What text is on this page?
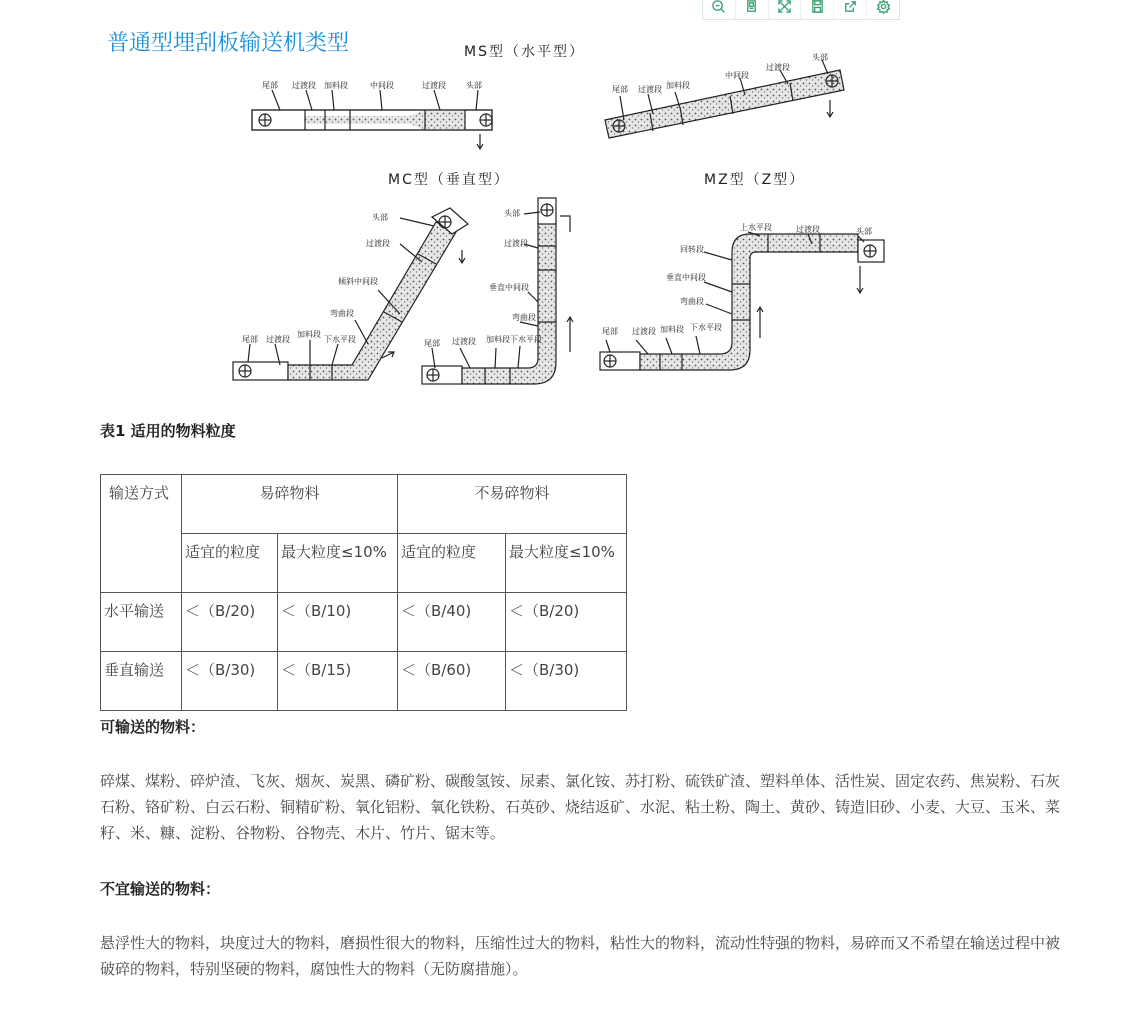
尾部 过渡段 加料段	中间段	过渡段	头部
MS型（水平型）
尾部 过渡段 加料段
中间段
过渡段
头部
MC型（垂直型）	MZ型（Z型）
头部
过渡段
倾斜中间段
弯曲段
尾部 过渡段
加料段
下水平段
头部
过渡段
垂直中间段
弯曲段
尾部 过渡段 加料段 下水平段
上水平段	过渡段	头部
回转段
垂直中间段
弯曲段
尾部 过渡段 加料段 下水平段
普通型埋刮板输送机类型
表1 适用的物料粒度
输送方式	易碎物料		不易碎物料	

	适宜的粒度	最大粒度≤10%	适宜的粒度	最大粒度≤10%

水平输送	＜（B/20)	＜（B/10)	＜（B/40)	＜（B/20)

垂直输送	＜（B/30)	＜（B/15)	＜（B/60)	＜（B/30)
可输送的物料：
碎煤、煤粉、碎炉渣、飞灰、烟灰、炭黑、磷矿粉、碳酸氢铵、尿素、氯化铵、苏打粉、硫铁矿渣、塑料单体、活性炭、固定农药、焦炭粉、石灰石粉、铬矿粉、白云石粉、铜精矿粉、氧化铝粉、氧化铁粉、石英砂、烧结返矿、水泥、粘土粉、陶土、黄砂、铸造旧砂、小麦、大豆、玉米、菜籽、米、糠、淀粉、谷物粉、谷物壳、木片、竹片、锯末等。
不宜输送的物料：
悬浮性大的物料，块度过大的物料，磨损性很大的物料，压缩性过大的物料，粘性大的物料，流动性特强的物料，易碎而又不希望在输送过程中被破碎的物料，特别坚硬的物料，腐蚀性大的物料（无防腐措施）。
